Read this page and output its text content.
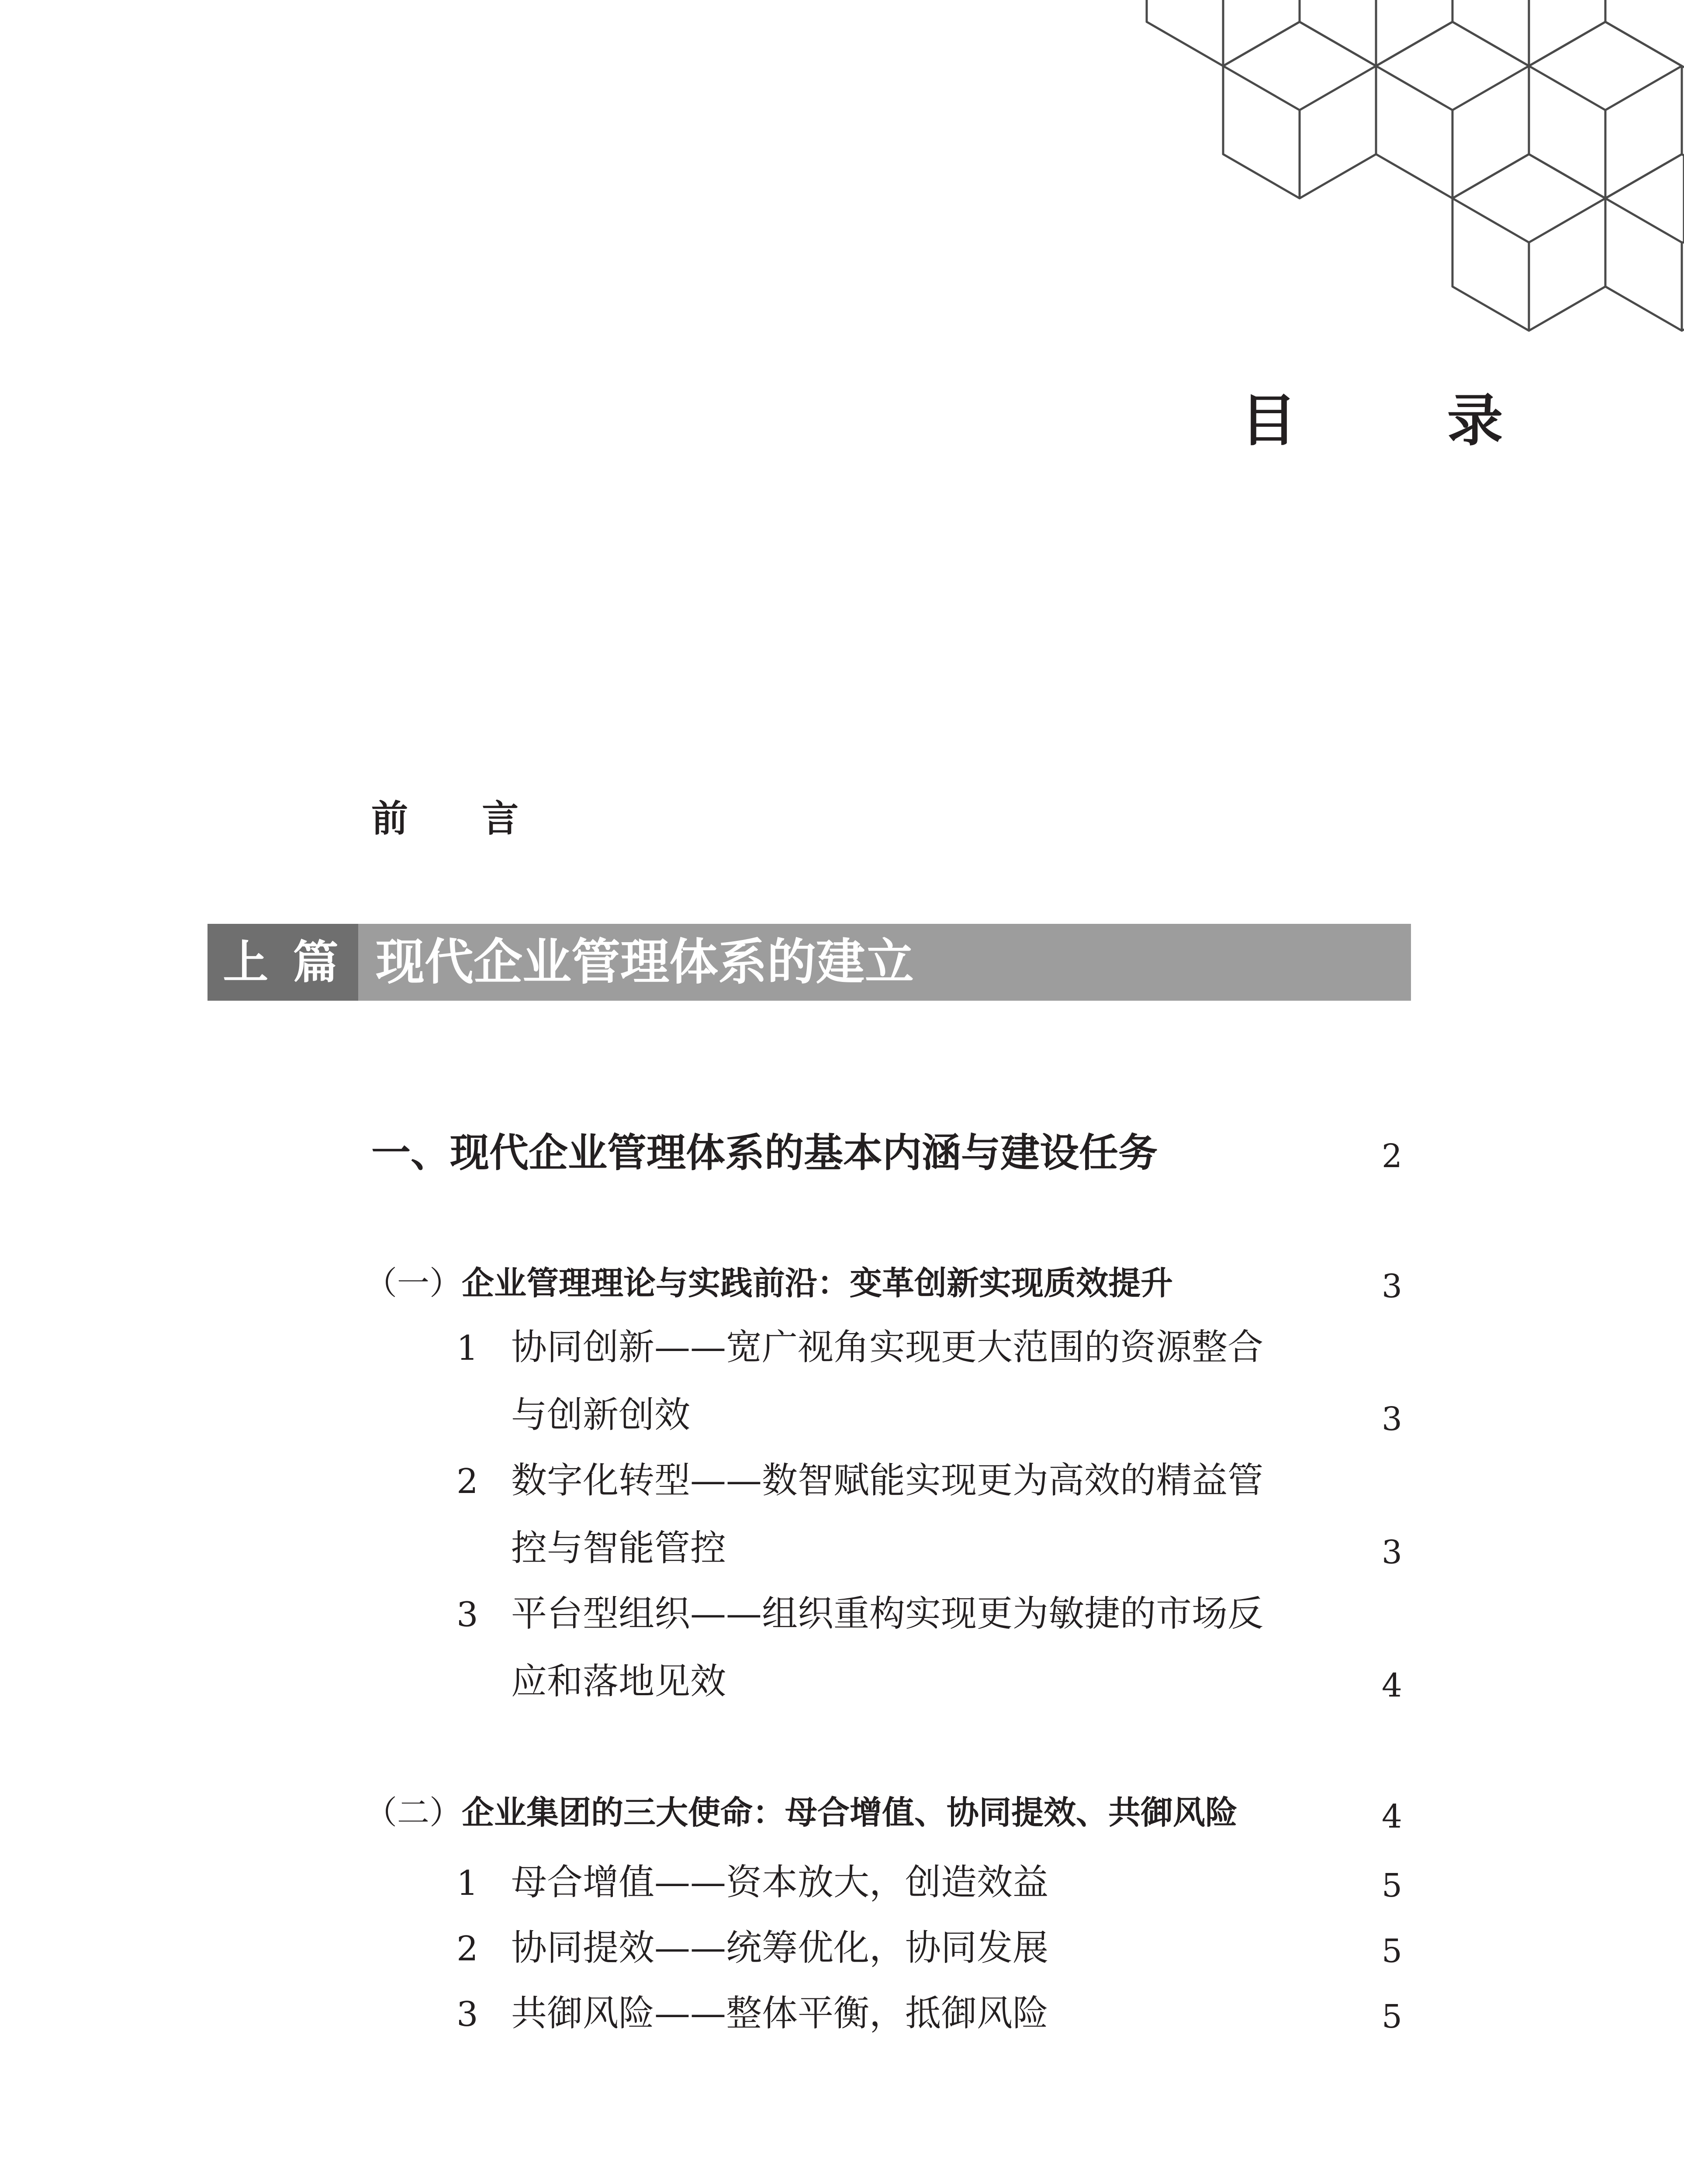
目 录
前 言
上 篇 现代企业管理体系的建立
一、现代企业管理体系的基本内涵与建设任务	2
（一）企业管理理论与实践前沿：变革创新实现质效提升	3
1 协同创新——宽广视角实现更大范围的资源整合
与创新创效	3
2 数字化转型——数智赋能实现更为高效的精益管
控与智能管控	3
3 平台型组织——组织重构实现更为敏捷的市场反
应和落地见效	4
（二）企业集团的三大使命：母合增值、协同提效、共御风险	4
1 母合增值——资本放大，创造效益	5
2 协同提效——统筹优化，协同发展	5
3 共御风险——整体平衡，抵御风险	5
